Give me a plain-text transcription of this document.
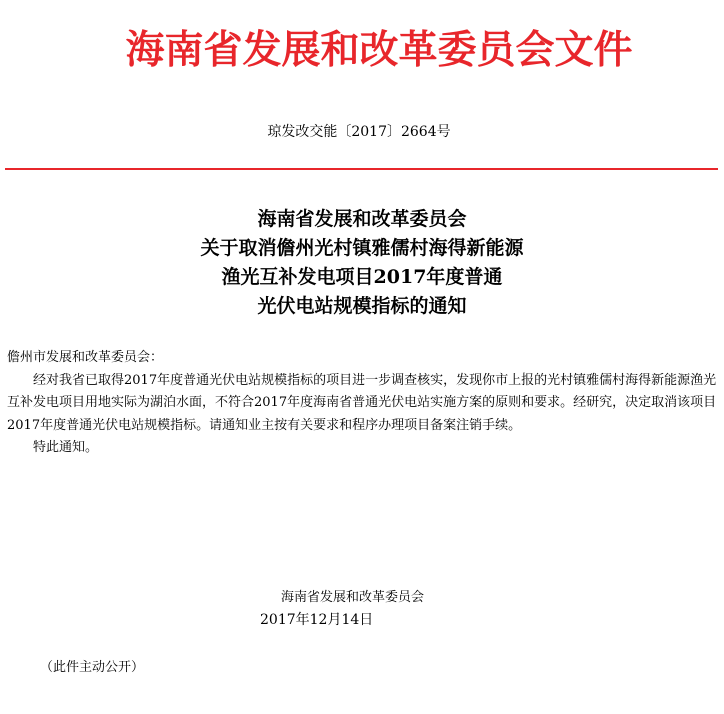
海南省发展和改革委员会文件
琼发改交能〔2017〕2664号
海南省发展和改革委员会
关于取消儋州光村镇雅儒村海得新能源
渔光互补发电项目2017年度普通
光伏电站规模指标的通知

儋州市发展和改革委员会：

经对我省已取得2017年度普通光伏电站规模指标的项目进一步调查核实，发现你市上报的光村镇雅儒村海得新能源渔光互补发电项目用地实际为湖泊水面，不符合2017年度海南省普通光伏电站实施方案的原则和要求。经研究，决定取消该项目2017年度普通光伏电站规模指标。请通知业主按有关要求和程序办理项目备案注销手续。

特此通知。

海南省发展和改革委员会
2017年12月14日
（此件主动公开）
